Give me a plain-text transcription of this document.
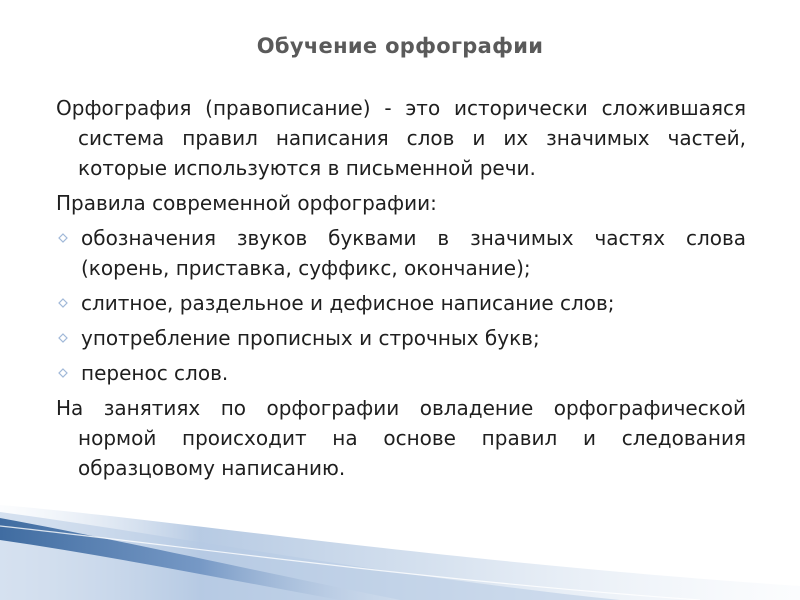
Обучение орфографии

Орфография (правописание) - это исторически сложившаяся система правил написания слов и их значимых частей, которые используются в письменной речи.

Правила современной орфографии:

обозначения звуков буквами в значимых частях слова (корень, приставка, суффикс, окончание);
слитное, раздельное и дефисное написание слов;
употребление прописных и строчных букв;
перенос слов.

На занятиях по орфографии овладение орфографической нормой происходит на основе правил и следования образцовому написанию.
